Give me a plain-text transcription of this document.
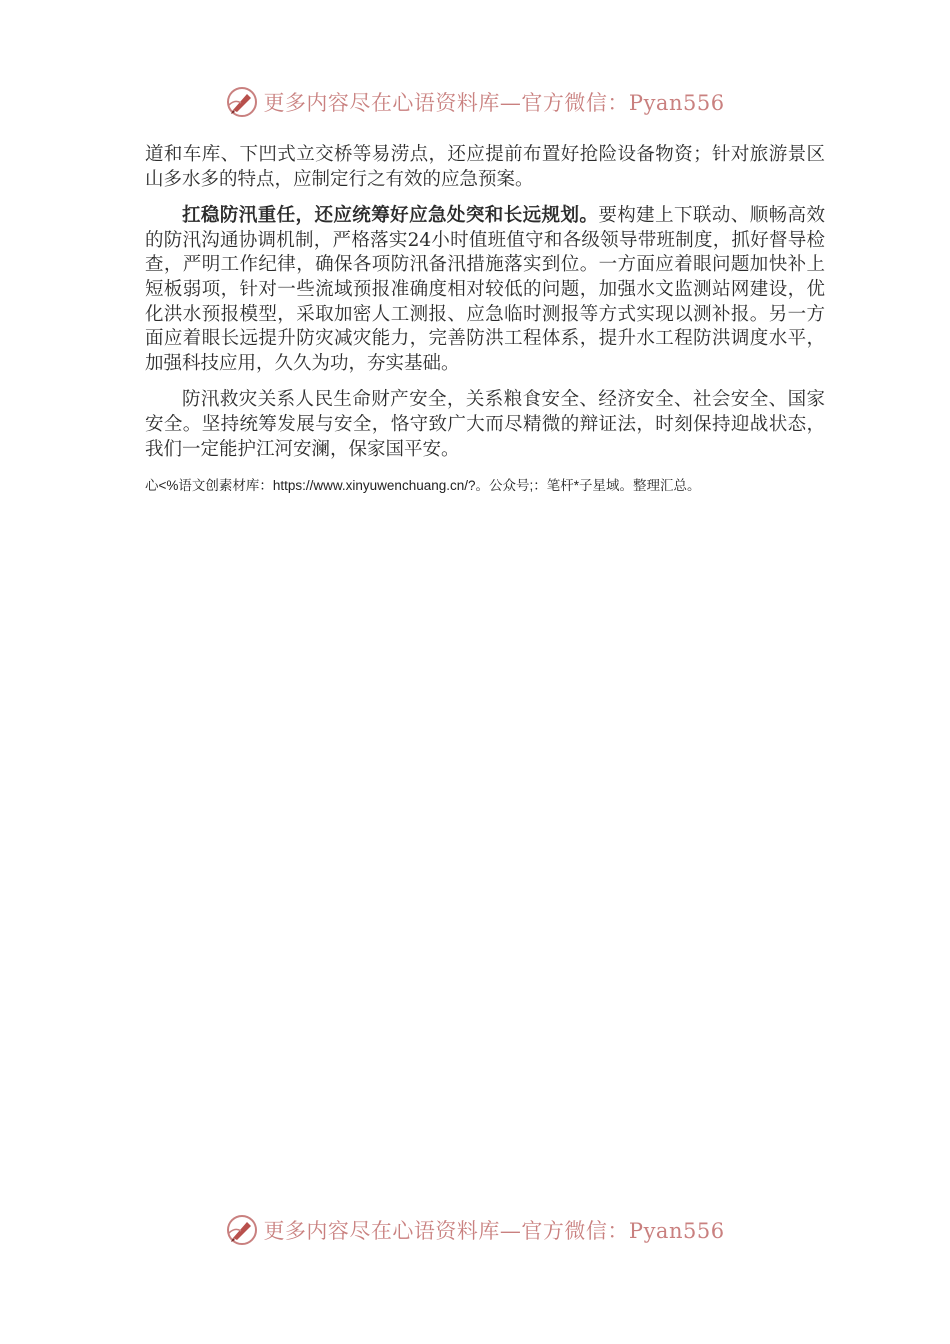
更多内容尽在心语资料库—官方微信：Pyan556

道和车库、下凹式立交桥等易涝点，还应提前布置好抢险设备物资；针对旅游景区山多水多的特点，应制定行之有效的应急预案。

扛稳防汛重任，还应统筹好应急处突和长远规划。要构建上下联动、顺畅高效的防汛沟通协调机制，严格落实24小时值班值守和各级领导带班制度，抓好督导检查，严明工作纪律，确保各项防汛备汛措施落实到位。一方面应着眼问题加快补上短板弱项，针对一些流域预报准确度相对较低的问题，加强水文监测站网建设，优化洪水预报模型，采取加密人工测报、应急临时测报等方式实现以测补报。另一方面应着眼长远提升防灾减灾能力，完善防洪工程体系，提升水工程防洪调度水平，加强科技应用，久久为功，夯实基础。

防汛救灾关系人民生命财产安全，关系粮食安全、经济安全、社会安全、国家安全。坚持统筹发展与安全，恪守致广大而尽精微的辩证法，时刻保持迎战状态，我们一定能护江河安澜，保家国平安。

心<%语文创素材库：https://www.xinyuwenchuang.cn/?。公众号;：笔杆*子星域。整理汇总。
更多内容尽在心语资料库—官方微信：Pyan556
